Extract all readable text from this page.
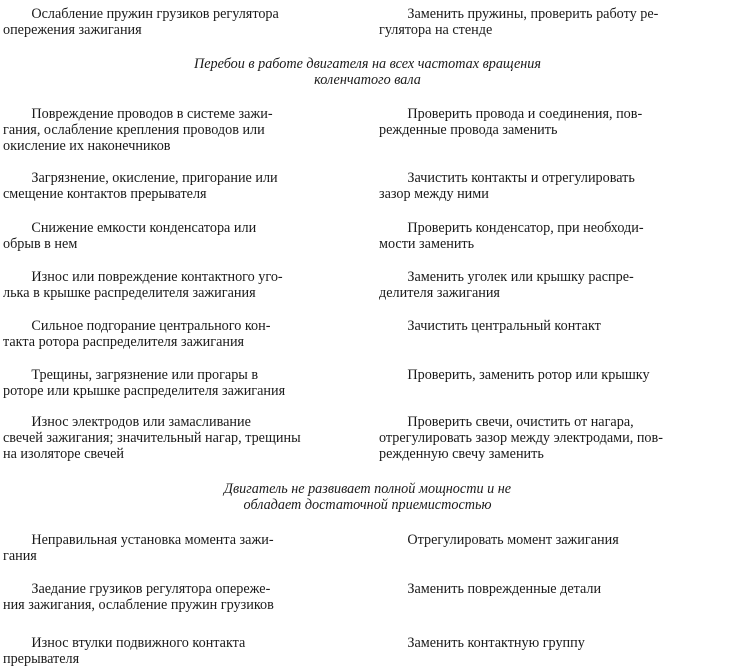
Ослабление пружин грузиков регулятора
опережения зажигания
Заменить пружины, проверить работу ре-
гулятора на стенде
Перебои в работе двигателя на всех частотах вращения
коленчатого вала
Повреждение проводов в системе зажи-
гания, ослабление крепления проводов или
окисление их наконечников
Проверить провода и соединения, пов-
режденные провода заменить
Загрязнение, окисление, пригорание или
смещение контактов прерывателя
Зачистить контакты и отрегулировать
зазор между ними
Снижение емкости конденсатора или
обрыв в нем
Проверить конденсатор, при необходи-
мости заменить
Износ или повреждение контактного уго-
лька в крышке распределителя зажигания
Заменить уголек или крышку распре-
делителя зажигания
Сильное подгорание центрального кон-
такта ротора распределителя зажигания
Зачистить центральный контакт
Трещины, загрязнение или прогары в
роторе или крышке распределителя зажигания
Проверить, заменить ротор или крышку
Износ электродов или замасливание
свечей зажигания; значительный нагар, трещины
на изоляторе свечей
Проверить свечи, очистить от нагара,
отрегулировать зазор между электродами, пов-
режденную свечу заменить
Двигатель не развивает полной мощности и не
обладает достаточной приемистостью
Неправильная установка момента зажи-
гания
Отрегулировать момент зажигания
Заедание грузиков регулятора опереже-
ния зажигания, ослабление пружин грузиков
Заменить поврежденные детали
Износ втулки подвижного контакта
прерывателя
Заменить контактную группу
